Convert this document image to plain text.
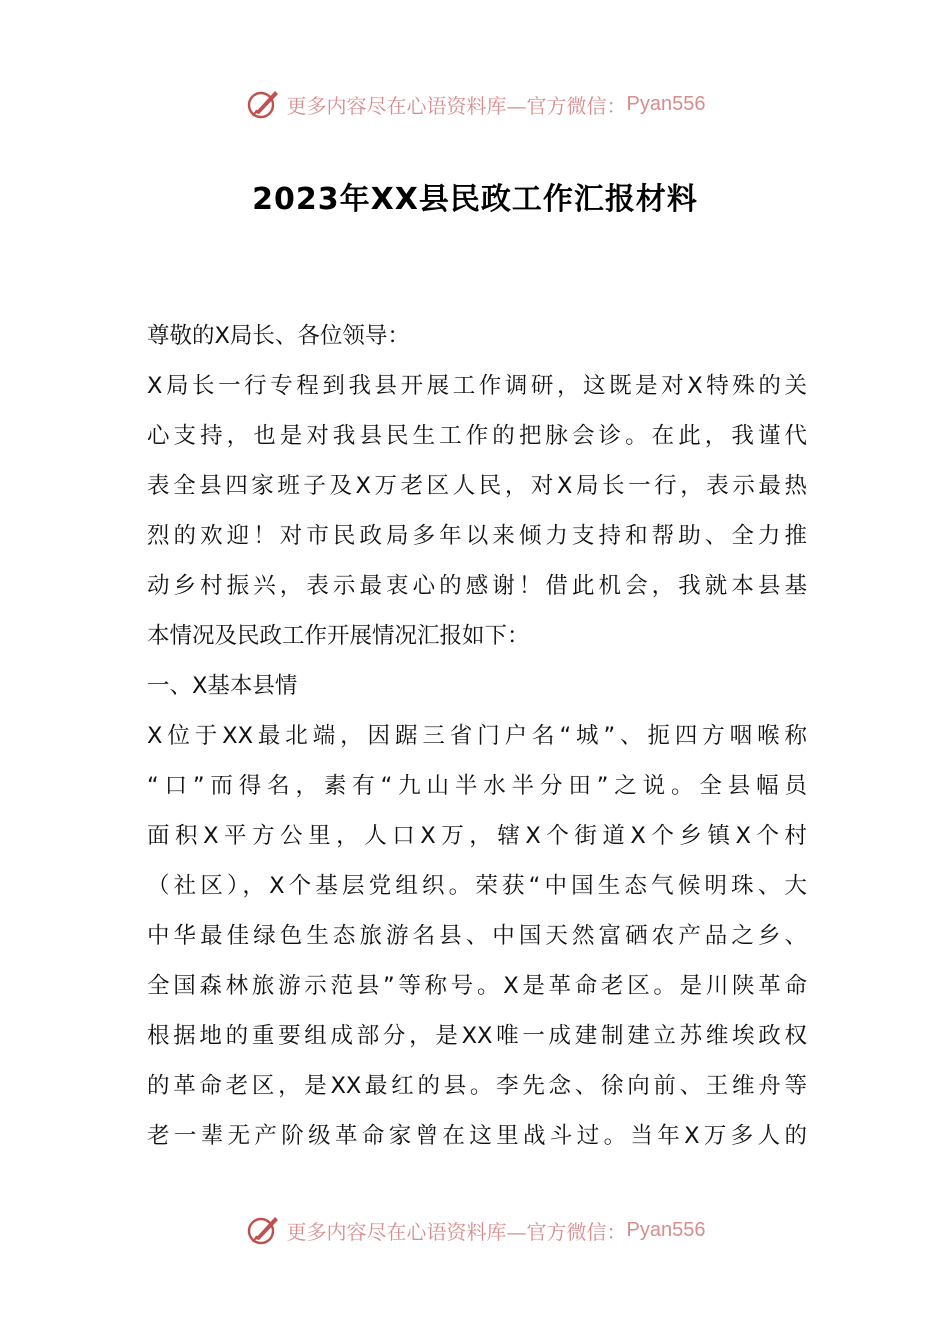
更多内容尽在心语资料库—官方微信： Pyan556
2023年XX县民政工作汇报材料
尊敬的X局长、各位领导：
X局长一行专程到我县开展工作调研，这既是对X特殊的关
心支持，也是对我县民生工作的把脉会诊。在此，我谨代
表全县四家班子及X万老区人民，对X局长一行，表示最热
烈的欢迎！对市民政局多年以来倾力支持和帮助、全力推
动乡村振兴，表示最衷心的感谢！借此机会，我就本县基
本情况及民政工作开展情况汇报如下：
一、X基本县情
X位于XX最北端，因踞三省门户名“城”、扼四方咽喉称
“口”而得名，素有“九山半水半分田”之说。全县幅员
面积X平方公里，人口X万，辖X个街道X个乡镇X个村
（社区），X个基层党组织。荣获“中国生态气候明珠、大
中华最佳绿色生态旅游名县、中国天然富硒农产品之乡、
全国森林旅游示范县”等称号。X是革命老区。是川陕革命
根据地的重要组成部分，是XX唯一成建制建立苏维埃政权
的革命老区，是XX最红的县。李先念、徐向前、王维舟等
老一辈无产阶级革命家曾在这里战斗过。当年X万多人的
更多内容尽在心语资料库—官方微信： Pyan556
